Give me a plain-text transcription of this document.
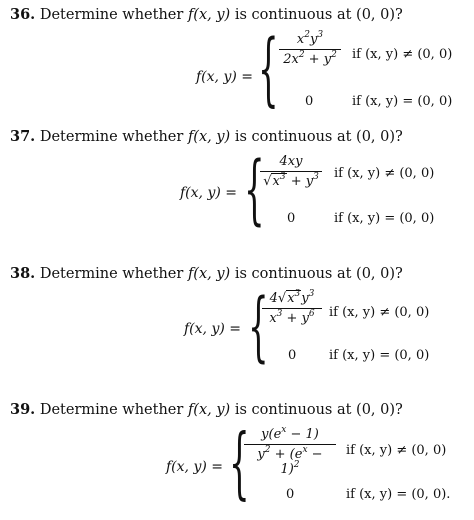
36. Determine whether f(x, y) is continuous at (0, 0)?
f(x, y) = {	$x^2y^3$
$2x^2 + y^2$	if (x, y) ≠ (0, 0)
0	if (x, y) = (0, 0)
37. Determine whether f(x, y) is continuous at (0, 0)?
f(x, y) = {	4xy
$√x^3 + y^3$ if (x, y) ≠ (0, 0)
0	if (x, y) = (0, 0)
38. Determine whether f(x, y) is continuous at (0, 0)?
f(x, y) = { $4√x^3y^3$
$x^3 + y^6$	if (x, y) ≠ (0, 0)
0	if (x, y) = (0, 0)
39. Determine whether f(x, y) is continuous at (0, 0)?
f(x, y) = { $y(e^x - 1)$
$y^2 + (e^x - 1)^2$
if (x, y) ≠ (0, 0)
0	if (x, y) = (0, 0).
